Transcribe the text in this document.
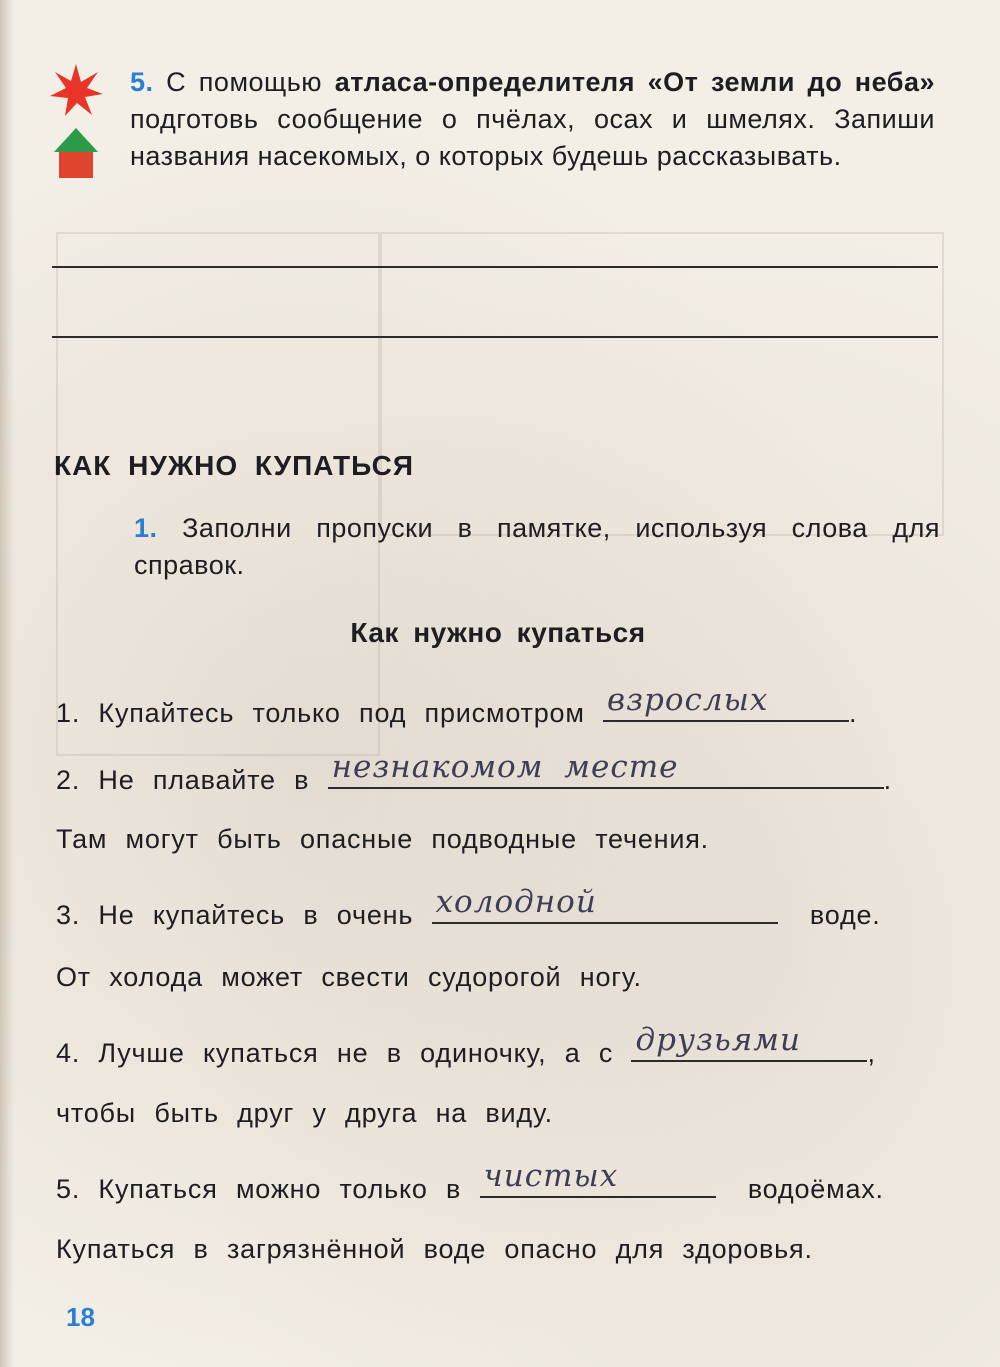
5. С помощью атласа-определителя «От земли до неба» подготовь сообщение о пчёлах, осах и шмелях. Запиши названия насекомых, о которых будешь рассказывать.

КАК НУЖНО КУПАТЬСЯ

1. Заполни пропуски в памятке, используя слова для справок.

Как нужно купаться

1. Купайтесь только под присмотром взрослых	.

2. Не плавайте в незнакомом месте	.

Там могут быть опасные подводные течения.

3. Не купайтесь в очень холодной	воде.

От холода может свести судорогой ногу.

4. Лучше купаться не в одиночку, а с друзьями ,

чтобы быть друг у друга на виду.

5. Купаться можно только в чистых	водоёмах.

Купаться в загрязнённой воде опасно для здоровья.

18
